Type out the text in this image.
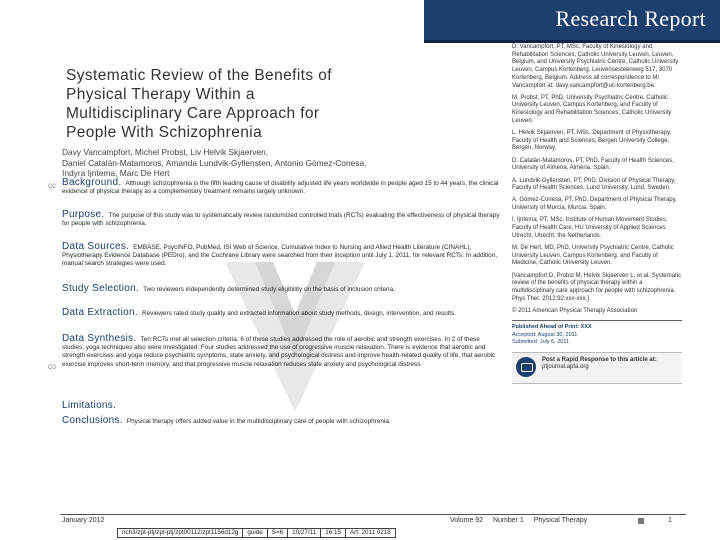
Research Report
Systematic Review of the Benefits of
Physical Therapy Within a
Multidisciplinary Care Approach for
People With Schizophrenia
Davy Vancampfort, Michel Probst, Liv Helvik Skjaerven,
Daniel Catalán-Matamoros, Amanda Lundvik-Gyllensten, Antonio Gómez-Conesa,
Indyra Ijntema, Marc De Hert
Q2
Q3
Background. Although schizophrenia is the fifth leading cause of disability adjusted life years worldwide in people aged 15 to 44 years, the clinical evidence of physical therapy as a complementary treatment remains largely unknown.
Purpose. The purpose of this study was to systematically review randomized controlled trials (RCTs) evaluating the effectiveness of physical therapy for people with schizophrenia.
Data Sources. EMBASE, PsycINFO, PubMed, ISI Web of Science, Cumulative Index to Nursing and Allied Health Literature (CINAHL), Physiotherapy Evidence Database (PEDro), and the Cochrane Library were searched from their inception until July 1, 2011, for relevant RCTs. In addition, manual search strategies were used.
Study Selection. Two reviewers independently determined study eligibility on the basis of inclusion criteria.
Data Extraction. Reviewers rated study quality and extracted information about study methods, design, intervention, and results.
Data Synthesis. Ten RCTs met all selection criteria. 6 of these studies addressed the role of aerobic and strength exercises. In 2 of these studies, yoga techniques also were investigated. Four studies addressed the use of progressive muscle relaxation. There is evidence that aerobic and strength exercises and yoga reduce psychiatric symptoms, state anxiety, and psychological distress and improve health-related quality of life, that aerobic exercise improves short-term memory, and that progressive muscle relaxation reduces state anxiety and psychological distress.
Limitations.
Conclusions. Physical therapy offers added value in the multidisciplinary care of people with schizophrenia.
D. Vancampfort, PT, MSc, Faculty of Kinesiology and Rehabilitation Sciences, Catholic University Leuven, Leuven, Belgium, and University Psychiatric Centre, Catholic University Leuven, Campus Kortenberg, Leuvensesteenweg 517, 3070 Kortenberg, Belgium. Address all correspondence to Mr Vancampfort at: davy.vancampfort@uc-kortenberg.be.
M. Probst, PT, PhD, University Psychiatric Centre, Catholic University Leuven, Campus Kortenberg, and Faculty of Kinesiology and Rehabilitation Sciences, Catholic University Leuven.
L. Helvik Skjaerven, PT, MSc, Department of Physiotherapy, Faculty of Health and Sciences, Bergen University College, Bergen, Norway.
D. Catalán-Matamoros, PT, PhD, Faculty of Health Sciences, University of Almeria, Almeria, Spain.
A. Lundvik-Gyllensten, PT, PhD, Division of Physical Therapy, Faculty of Health Sciences, Lund University, Lund, Sweden.
A. Gómez-Conesa, PT, PhD, Department of Physical Therapy, University of Murcia, Murcia, Spain.
I. Ijntema, PT, MSc, Institute of Human Movement Studies, Faculty of Health Care, HU University of Applied Sciences Utrecht, Utrecht, the Netherlands.
M. De Hert, MD, PhD, University Psychiatric Centre, Catholic University Leuven, Campus Kortenberg, and Faculty of Medicine, Catholic University Leuven.
[Vancampfort D, Probst M, Helvik Skjaerven L, et al. Systematic review of the benefits of physical therapy within a multidisciplinary care approach for people with schizophrenia. Phys Ther. 2012;92:xxx-xxx.]
© 2011 American Physical Therapy Association
Published Ahead of Print: XXX
Accepted: August 30, 2011
Submitted: July 6, 2011
Post a Rapid Response to this article at:
ptjournal.apta.org
January 2012	Volume 92 Number 1 Physical Therapy	1
rich3/zpt-ptj/zpt-ptj/zpt00112/zpt1156d12g	guide	S=6	10/27/11	16:15	Art: 2011 0218
